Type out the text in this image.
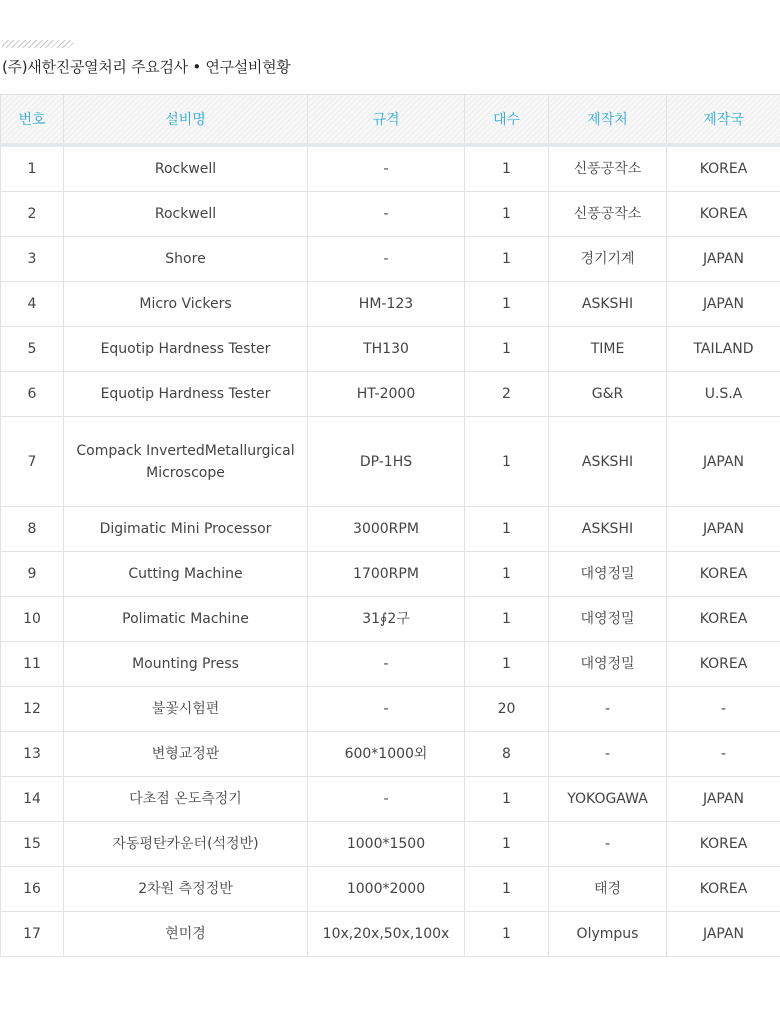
(주)새한진공열처리 주요검사 • 연구설비현황
번호	설비명	규격	대수	제작처	제작국
1	Rockwell	-	1	신풍공작소	KOREA
2	Rockwell	-	1	신풍공작소	KOREA
3	Shore	-	1	경기기계	JAPAN
4	Micro Vickers	HM-123	1	ASKSHI	JAPAN
5	Equotip Hardness Tester	TH130	1	TIME	TAILAND
6	Equotip Hardness Tester	HT-2000	2	G&R	U.S.A
7	Compack InvertedMetallurgical Microscope	DP-1HS	1	ASKSHI	JAPAN
8	Digimatic Mini Processor	3000RPM	1	ASKSHI	JAPAN
9	Cutting Machine	1700RPM	1	대영정밀	KOREA
10	Polimatic Machine	31∮2구	1	대영정밀	KOREA
11	Mounting Press	-	1	대영정밀	KOREA
12	불꽃시험편	-	20	-	-
13	변형교정판	600*1000외	8	-	-
14	다초점 온도측정기	-	1	YOKOGAWA	JAPAN
15	자동평탄카운터(석정반)	1000*1500	1	-	KOREA
16	2차원 측정정반	1000*2000	1	태경	KOREA
17	현미경	10x,20x,50x,100x	1	Olympus	JAPAN
